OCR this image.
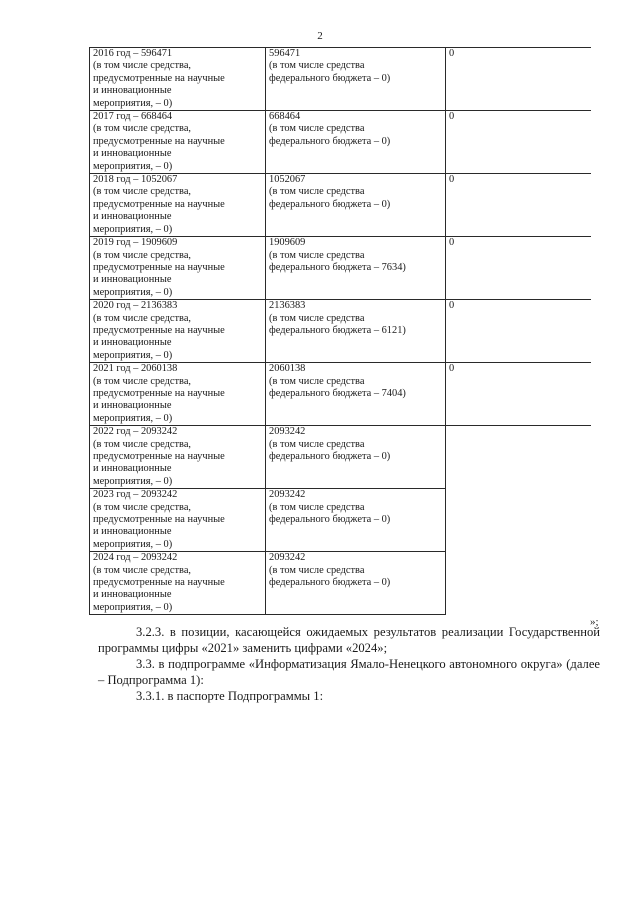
2
2016 год – 596471
(в том числе средства,
предусмотренные на научные
и инновационные
мероприятия, – 0)	596471
(в том числе средства
федерального бюджета – 0)	0

2017 год – 668464
(в том числе средства,
предусмотренные на научные
и инновационные
мероприятия, – 0)	668464
(в том числе средства
федерального бюджета – 0)	0

2018 год – 1052067
(в том числе средства,
предусмотренные на научные
и инновационные
мероприятия, – 0)	1052067
(в том числе средства
федерального бюджета – 0)	0

2019 год – 1909609
(в том числе средства,
предусмотренные на научные
и инновационные
мероприятия, – 0)	1909609
(в том числе средства
федерального бюджета – 7634)	0

2020 год – 2136383
(в том числе средства,
предусмотренные на научные
и инновационные
мероприятия, – 0)	2136383
(в том числе средства
федерального бюджета – 6121)	0

2021 год – 2060138
(в том числе средства,
предусмотренные на научные
и инновационные
мероприятия, – 0)	2060138
(в том числе средства
федерального бюджета – 7404)	0

2022 год – 2093242
(в том числе средства,
предусмотренные на научные
и инновационные
мероприятия, – 0)	2093242
(в том числе средства
федерального бюджета – 0)	

2023 год – 2093242
(в том числе средства,
предусмотренные на научные
и инновационные
мероприятия, – 0)	2093242
(в том числе средства
федерального бюджета – 0)	

2024 год – 2093242
(в том числе средства,
предусмотренные на научные
и инновационные
мероприятия, – 0)	2093242
(в том числе средства
федерального бюджета – 0)	

»;
3.2.3. в позиции, касающейся ожидаемых результатов реализации Государственной программы цифры «2021» заменить цифрами «2024»;
3.3. в подпрограмме «Информатизация Ямало-Ненецкого автономного округа» (далее – Подпрограмма 1):
3.3.1. в паспорте Подпрограммы 1:
